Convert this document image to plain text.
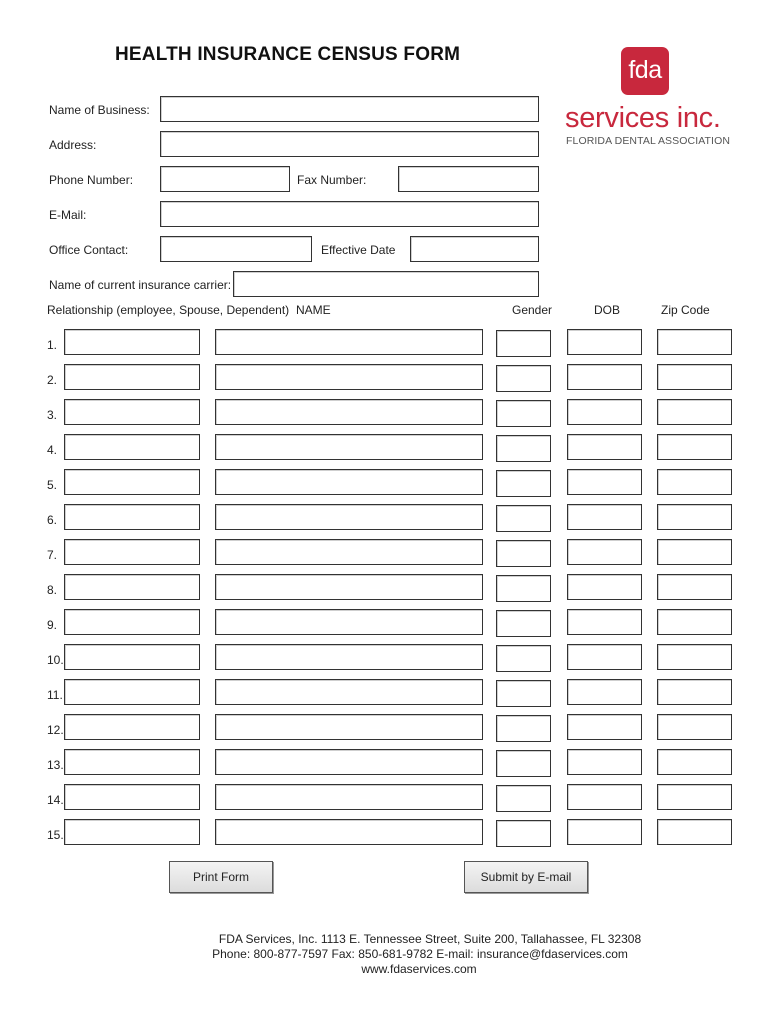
HEALTH INSURANCE CENSUS FORM
fda
services inc.
FLORIDA DENTAL ASSOCIATION
Name of Business:
Address:
Phone Number:	Fax Number:
E-Mail:
Office Contact:	Effective Date
Name of current insurance carrier:
Relationship (employee, Spouse, Dependent) NAME	Gender	DOB	Zip Code
1.
2.
3.
4.
5.
6.
7.
8.
9.
10.
11.
12.
13.
14.
15.
Print Form	Submit by E-mail
FDA Services, Inc. 1113 E. Tennessee Street, Suite 200, Tallahassee, FL 32308
Phone: 800-877-7597 Fax: 850-681-9782 E-mail: insurance@fdaservices.com
www.fdaservices.com
